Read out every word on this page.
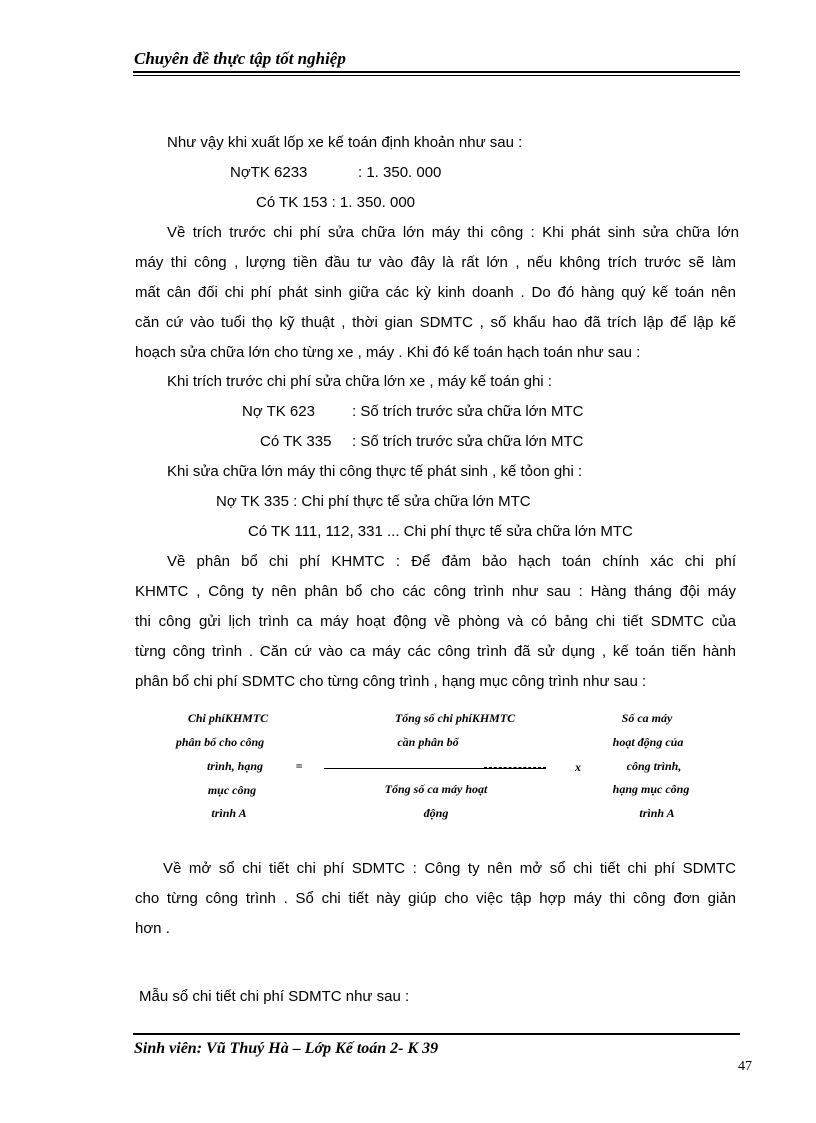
Chuyên đề thực tập tốt nghiệp
Như vậy khi xuất lốp xe kế toán định khoản như sau :
NợTK 6233	: 1. 350. 000
Có TK 153 : 1. 350. 000
Về trích trước chi phí sửa chữa lớn máy thi công : Khi phát sinh sửa chữa lớn
máy thi công , lượng tiền đầu tư vào đây là rất lớn , nếu không trích trước sẽ làm
mất cân đối chi phí phát sinh giữa các kỳ kinh doanh . Do đó hàng quý kế toán nên
căn cứ vào tuổi thọ kỹ thuật , thời gian SDMTC , số khấu hao đã trích lập để lập kế
hoạch sửa chữa lớn cho từng xe , máy . Khi đó kế toán hạch toán như sau :
Khi trích trước chi phí sửa chữa lớn xe , máy kế toán ghi :
Nợ TK 623 : Số trích trước sửa chữa lớn MTC
Có TK 335 : Số trích trước sửa chữa lớn MTC
Khi sửa chữa lớn máy thi công thực tế phát sinh , kế tỏon ghi :
Nợ TK 335 : Chi phí thực tế sửa chữa lớn MTC
Có TK 111, 112, 331 ... Chi phí thực tế sửa chữa lớn MTC
Về phân bổ chi phí KHMTC : Để đảm bảo hạch toán chính xác chi phí
KHMTC , Công ty nên phân bổ cho các công trình như sau : Hàng tháng đội máy
thi công gửi lịch trình ca máy hoạt động về phòng và có bảng chi tiết SDMTC của
từng công trình . Căn cứ vào ca máy các công trình đã sử dụng , kế toán tiến hành
phân bổ chi phí SDMTC cho từng công trình , hạng mục công trình như sau :
Chi phíKHMTC
phân bổ cho công
trình, hạng
mục công
trình A
=
Tổng số chi phíKHMTC
cần phân bổ
Tổng số ca máy hoạt
động
x
Số ca máy
hoạt động của
công trình,
hạng mục công
trình A
Về mở sổ chi tiết chi phí SDMTC : Công ty nên mở sổ chi tiết chi phí SDMTC
cho từng công trình . Sổ chi tiết này giúp cho việc tập hợp máy thi công đơn giản
hơn .
Mẫu sổ chi tiết chi phí SDMTC như sau :
Sinh viên: Vũ Thuý Hà – Lớp Kế toán 2- K 39
47
